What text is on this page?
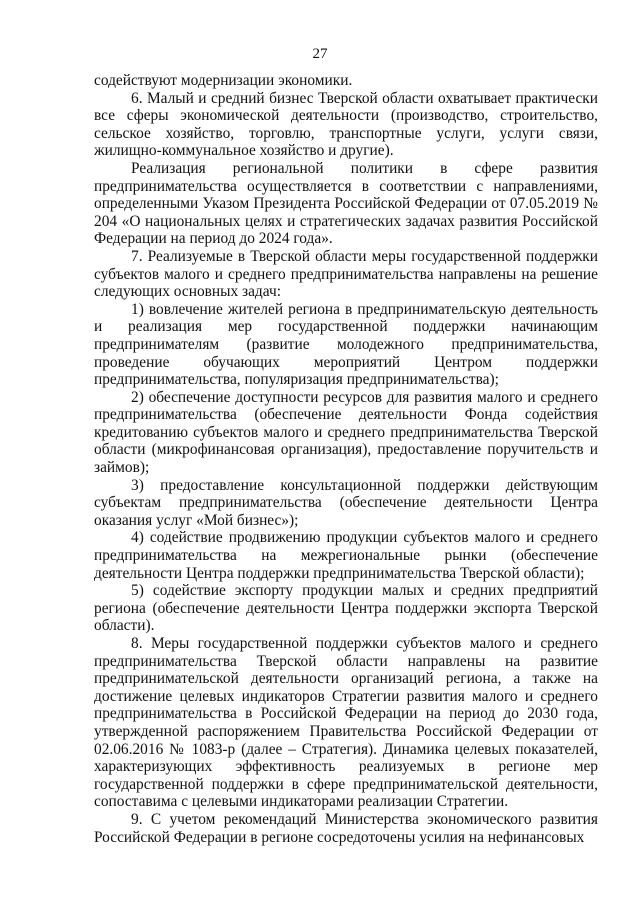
27

содействуют модернизации экономики.

6. Малый и средний бизнес Тверской области охватывает практически все сферы экономической деятельности (производство, строительство, сельское хозяйство, торговлю, транспортные услуги, услуги связи, жилищно-коммунальное хозяйство и другие).

Реализация региональной политики в сфере развития предпринимательства осуществляется в соответствии с направлениями, определенными Указом Президента Российской Федерации от 07.05.2019 № 204 «О национальных целях и стратегических задачах развития Российской Федерации на период до 2024 года».

7. Реализуемые в Тверской области меры государственной поддержки субъектов малого и среднего предпринимательства направлены на решение следующих основных задач:

1) вовлечение жителей региона в предпринимательскую деятельность и реализация мер государственной поддержки начинающим предпринимателям (развитие молодежного предпринимательства, проведение обучающих мероприятий Центром поддержки предпринимательства, популяризация предпринимательства);

2) обеспечение доступности ресурсов для развития малого и среднего предпринимательства (обеспечение деятельности Фонда содействия кредитованию субъектов малого и среднего предпринимательства Тверской области (микрофинансовая организация), предоставление поручительств и займов);

3) предоставление консультационной поддержки действующим субъектам предпринимательства (обеспечение деятельности Центра оказания услуг «Мой бизнес»);

4) содействие продвижению продукции субъектов малого и среднего предпринимательства на межрегиональные рынки (обеспечение деятельности Центра поддержки предпринимательства Тверской области);

5) содействие экспорту продукции малых и средних предприятий региона (обеспечение деятельности Центра поддержки экспорта Тверской области).

8. Меры государственной поддержки субъектов малого и среднего предпринимательства Тверской области направлены на развитие предпринимательской деятельности организаций региона, а также на достижение целевых индикаторов Стратегии развития малого и среднего предпринимательства в Российской Федерации на период до 2030 года, утвержденной распоряжением Правительства Российской Федерации от 02.06.2016 № 1083-р (далее – Стратегия). Динамика целевых показателей, характеризующих эффективность реализуемых в регионе мер государственной поддержки в сфере предпринимательской деятельности, сопоставима с целевыми индикаторами реализации Стратегии.

9. С учетом рекомендаций Министерства экономического развития Российской Федерации в регионе сосредоточены усилия на нефинансовых
